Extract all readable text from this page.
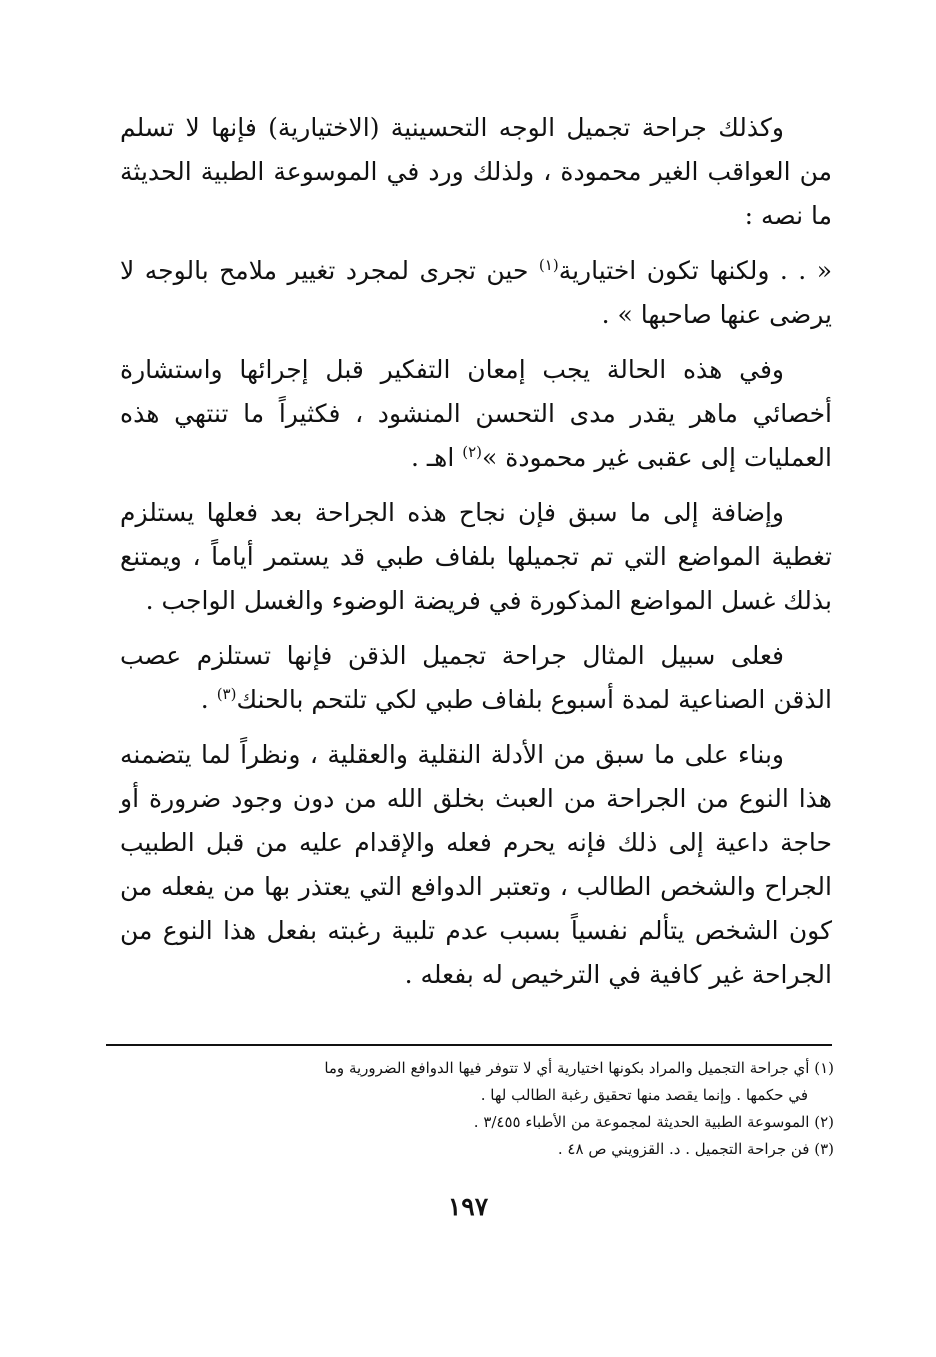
وكذلك جراحة تجميل الوجه التحسينية (الاختيارية) فإنها لا تسلم من العواقب الغير محمودة ، ولذلك ورد في الموسوعة الطبية الحديثة ما نصه :

« . . ولكنها تكون اختيارية$^{(١)}$ حين تجرى لمجرد تغيير ملامح بالوجه لا يرضى عنها صاحبها » .

وفي هذه الحالة يجب إمعان التفكير قبل إجرائها واستشارة أخصائي ماهر يقدر مدى التحسن المنشود ، فكثيراً ما تنتهي هذه العمليات إلى عقبى غير محمودة »$^{(٢)}$ اهـ .

وإضافة إلى ما سبق فإن نجاح هذه الجراحة بعد فعلها يستلزم تغطية المواضع التي تم تجميلها بلفاف طبي قد يستمر أياماً ، ويمتنع بذلك غسل المواضع المذكورة في فريضة الوضوء والغسل الواجب .

فعلى سبيل المثال جراحة تجميل الذقن فإنها تستلزم عصب الذقن الصناعية لمدة أسبوع بلفاف طبي لكي تلتحم بالحنك$^{(٣)}$ .

وبناء على ما سبق من الأدلة النقلية والعقلية ، ونظراً لما يتضمنه هذا النوع من الجراحة من العبث بخلق الله من دون وجود ضرورة أو حاجة داعية إلى ذلك فإنه يحرم فعله والإقدام عليه من قبل الطبيب الجراح والشخص الطالب ، وتعتبر الدوافع التي يعتذر بها من يفعله من كون الشخص يتألم نفسياً بسبب عدم تلبية رغبته بفعل هذا النوع من الجراحة غير كافية في الترخيص له بفعله .

(١) أي جراحة التجميل والمراد بكونها اختيارية أي لا تتوفر فيها الدوافع الضرورية وما

في حكمها . وإنما يقصد منها تحقيق رغبة الطالب لها .

(٢) الموسوعة الطبية الحديثة لمجموعة من الأطباء ٣/٤٥٥ .

(٣) فن جراحة التجميل . د. القزويني ص ٤٨ .

١٩٧
